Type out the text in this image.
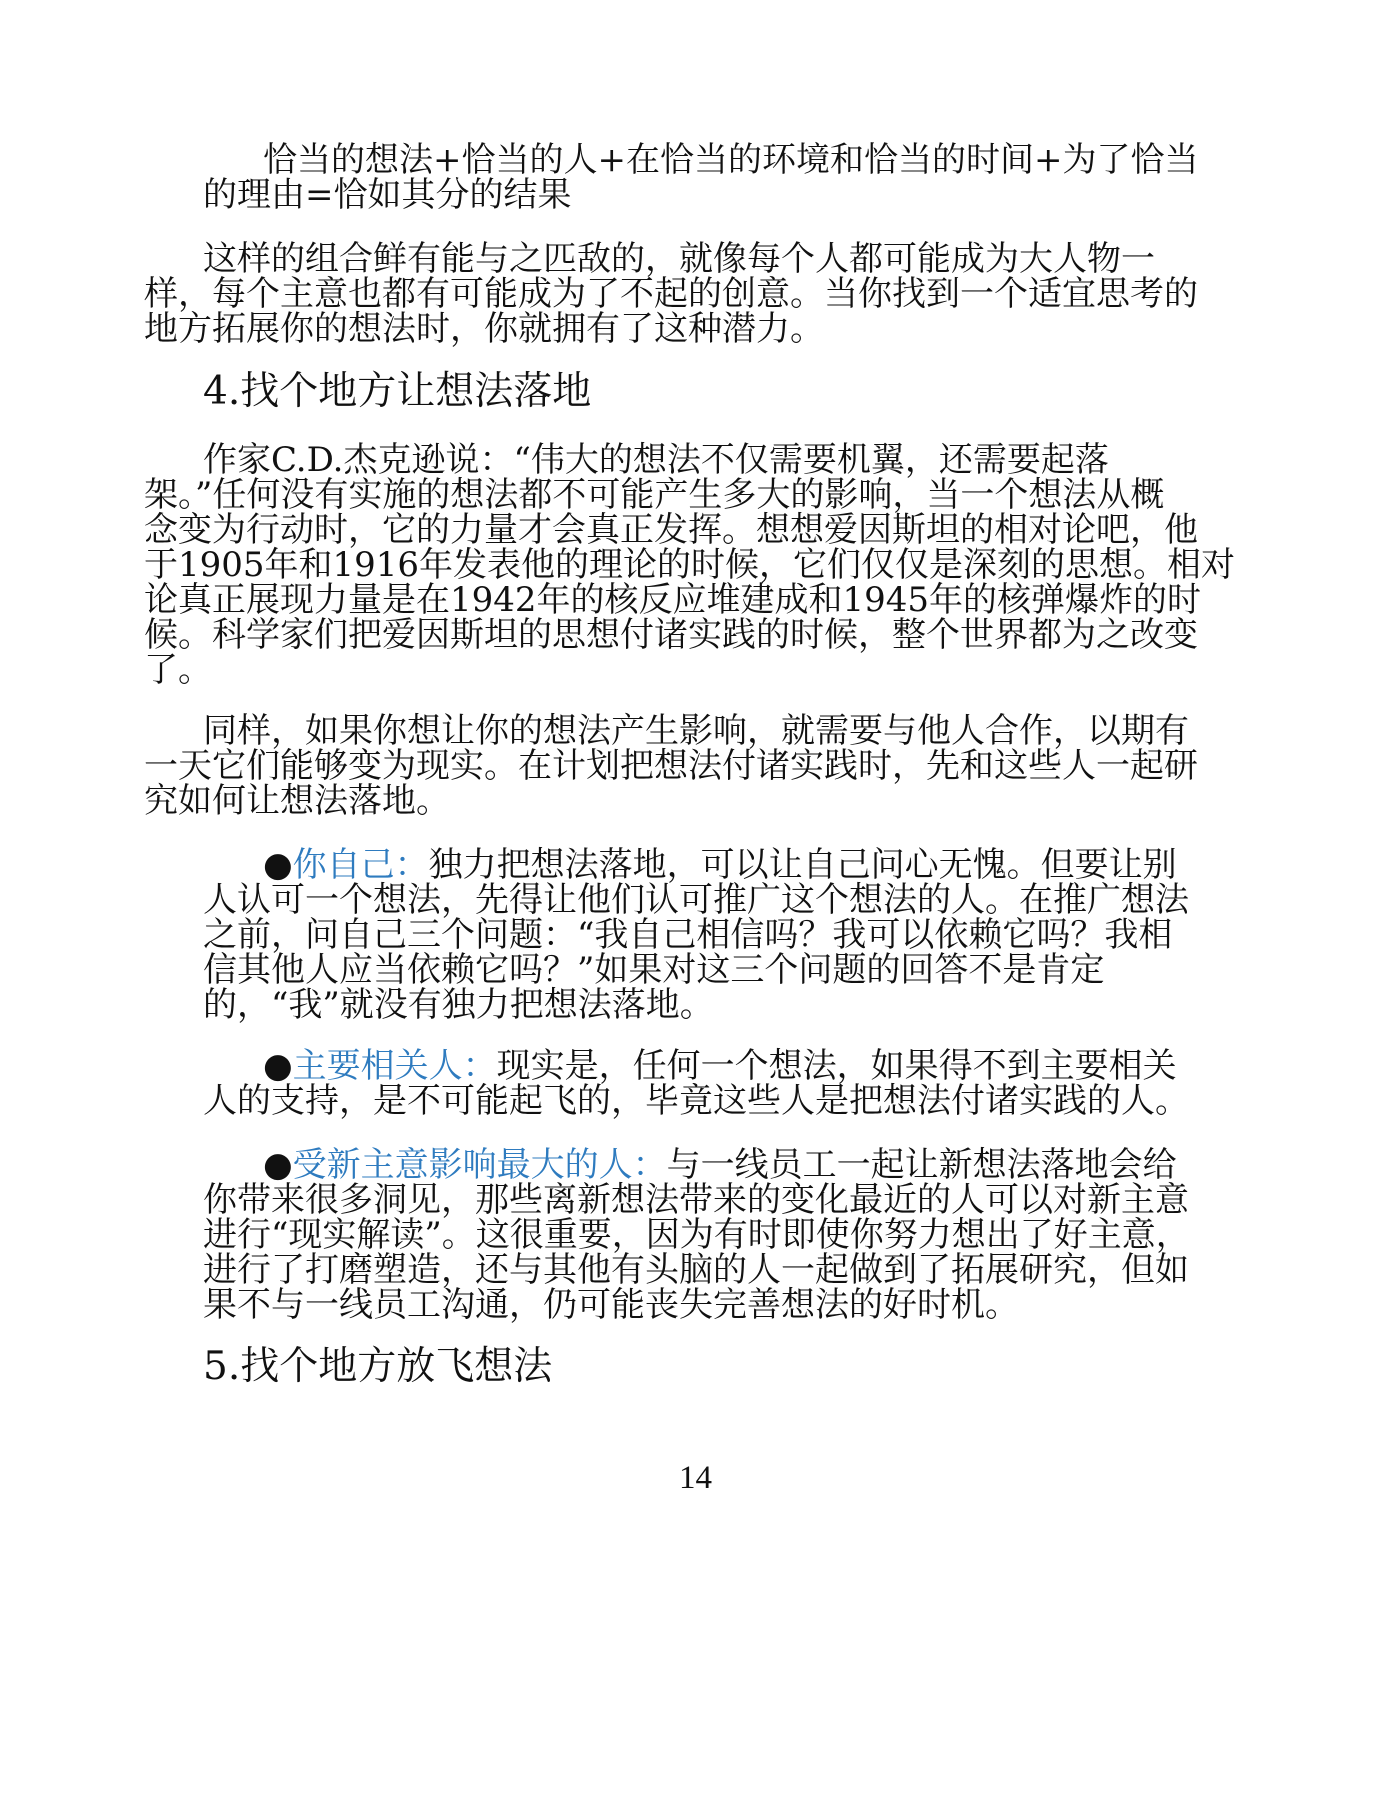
恰当的想法+恰当的人+在恰当的环境和恰当的时间+为了恰当
的理由=恰如其分的结果
这样的组合鲜有能与之匹敌的，就像每个人都可能成为大人物一
样，每个主意也都有可能成为了不起的创意。当你找到一个适宜思考的
地方拓展你的想法时，你就拥有了这种潜力。
4.找个地方让想法落地
作家C.D.杰克逊说：“伟大的想法不仅需要机翼，还需要起落
架。”任何没有实施的想法都不可能产生多大的影响，当一个想法从概
念变为行动时，它的力量才会真正发挥。想想爱因斯坦的相对论吧，他
于1905年和1916年发表他的理论的时候，它们仅仅是深刻的思想。相对
论真正展现力量是在1942年的核反应堆建成和1945年的核弹爆炸的时
候。科学家们把爱因斯坦的思想付诸实践的时候，整个世界都为之改变
了。
同样，如果你想让你的想法产生影响，就需要与他人合作，以期有
一天它们能够变为现实。在计划把想法付诸实践时，先和这些人一起研
究如何让想法落地。
●你自己：独力把想法落地，可以让自己问心无愧。但要让别
人认可一个想法，先得让他们认可推广这个想法的人。在推广想法
之前，问自己三个问题：“我自己相信吗？我可以依赖它吗？我相
信其他人应当依赖它吗？”如果对这三个问题的回答不是肯定
的，“我”就没有独力把想法落地。
●主要相关人：现实是，任何一个想法，如果得不到主要相关
人的支持，是不可能起飞的，毕竟这些人是把想法付诸实践的人。
●受新主意影响最大的人：与一线员工一起让新想法落地会给
你带来很多洞见，那些离新想法带来的变化最近的人可以对新主意
进行“现实解读”。这很重要，因为有时即使你努力想出了好主意，
进行了打磨塑造，还与其他有头脑的人一起做到了拓展研究，但如
果不与一线员工沟通，仍可能丧失完善想法的好时机。
5.找个地方放飞想法
14
